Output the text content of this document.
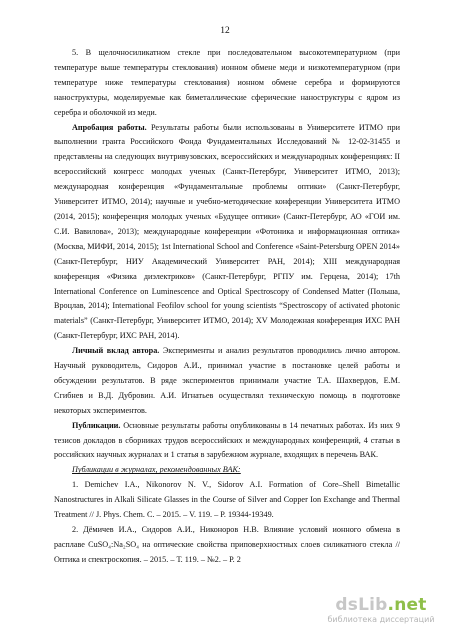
12

5. В щелочносиликатном стекле при последовательном высокотемпературном (при температуре выше температуры стеклования) ионном обмене меди и низкотемпературном (при температуре ниже температуры стеклования) ионном обмене серебра и формируются наноструктуры, моделируемые как биметаллические сферические наноструктуры с ядром из серебра и оболочкой из меди.

Апробация работы. Результаты работы были использованы в Университете ИТМО при выполнении гранта Российского Фонда Фундаментальных Исследований № 12-02-31455 и представлены на следующих внутривузовских, всероссийских и международных конференциях: II всероссийский конгресс молодых ученых (Санкт-Петербург, Университет ИТМО, 2013); международная конференция «Фундаментальные проблемы оптики» (Санкт-Петербург, Университет ИТМО, 2014); научные и учебно-методические конференции Университета ИТМО (2014, 2015); конференция молодых ученых «Будущее оптики» (Санкт-Петербург, АО «ГОИ им. С.И. Вавилова», 2013); международные конференции «Фотоника и информационная оптика» (Москва, МИФИ, 2014, 2015); 1st International School and Conference «Saint-Petersburg OPEN 2014» (Санкт-Петербург, НИУ Академический Университет РАН, 2014); XIII международная конференция «Физика диэлектриков» (Санкт-Петербург, РГПУ им. Герцена, 2014); 17th International Conference on Luminescence and Optical Spectroscopy of Condensed Matter (Польша, Вроцлав, 2014); International Feofilov school for young scientists “Spectroscopy of activated photonic materials” (Санкт-Петербург, Университет ИТМО, 2014); XV Молодежная конференция ИХС РАН (Санкт-Петербург, ИХС РАН, 2014).

Личный вклад автора. Эксперименты и анализ результатов проводились лично автором. Научный руководитель, Сидоров А.И., принимал участие в постановке целей работы и обсуждении результатов. В ряде экспериментов принимали участие Т.А. Шахвердов, Е.М. Сгибнев и В.Д. Дубровин. А.И. Игнатьев осуществлял техническую помощь в подготовке некоторых экспериментов.

Публикации. Основные результаты работы опубликованы в 14 печатных работах. Из них 9 тезисов докладов в сборниках трудов всероссийских и международных конференций, 4 статьи в российских научных журналах и 1 статья в зарубежном журнале, входящих в перечень ВАК.

Публикации в журналах, рекомендованных ВАК:

1. Demichev I.A., Nikonorov N. V., Sidorov A.I. Formation of Core–Shell Bimetallic Nanostructures in Alkali Silicate Glasses in the Course of Silver and Copper Ion Exchange and Thermal Treatment // J. Phys. Chem. C. – 2015. – V. 119. – P. 19344-19349.

2. Дёмичев И.А., Сидоров А.И., Никоноров Н.В. Влияние условий ионного обмена в расплаве CuSO₄:Na₂SO₄ на оптические свойства приповерхностных слоев силикатного стекла // Оптика и спектроскопия. – 2015. – Т. 119. – №2. – Р. 2

dsLib.net
библиотека диссертаций
